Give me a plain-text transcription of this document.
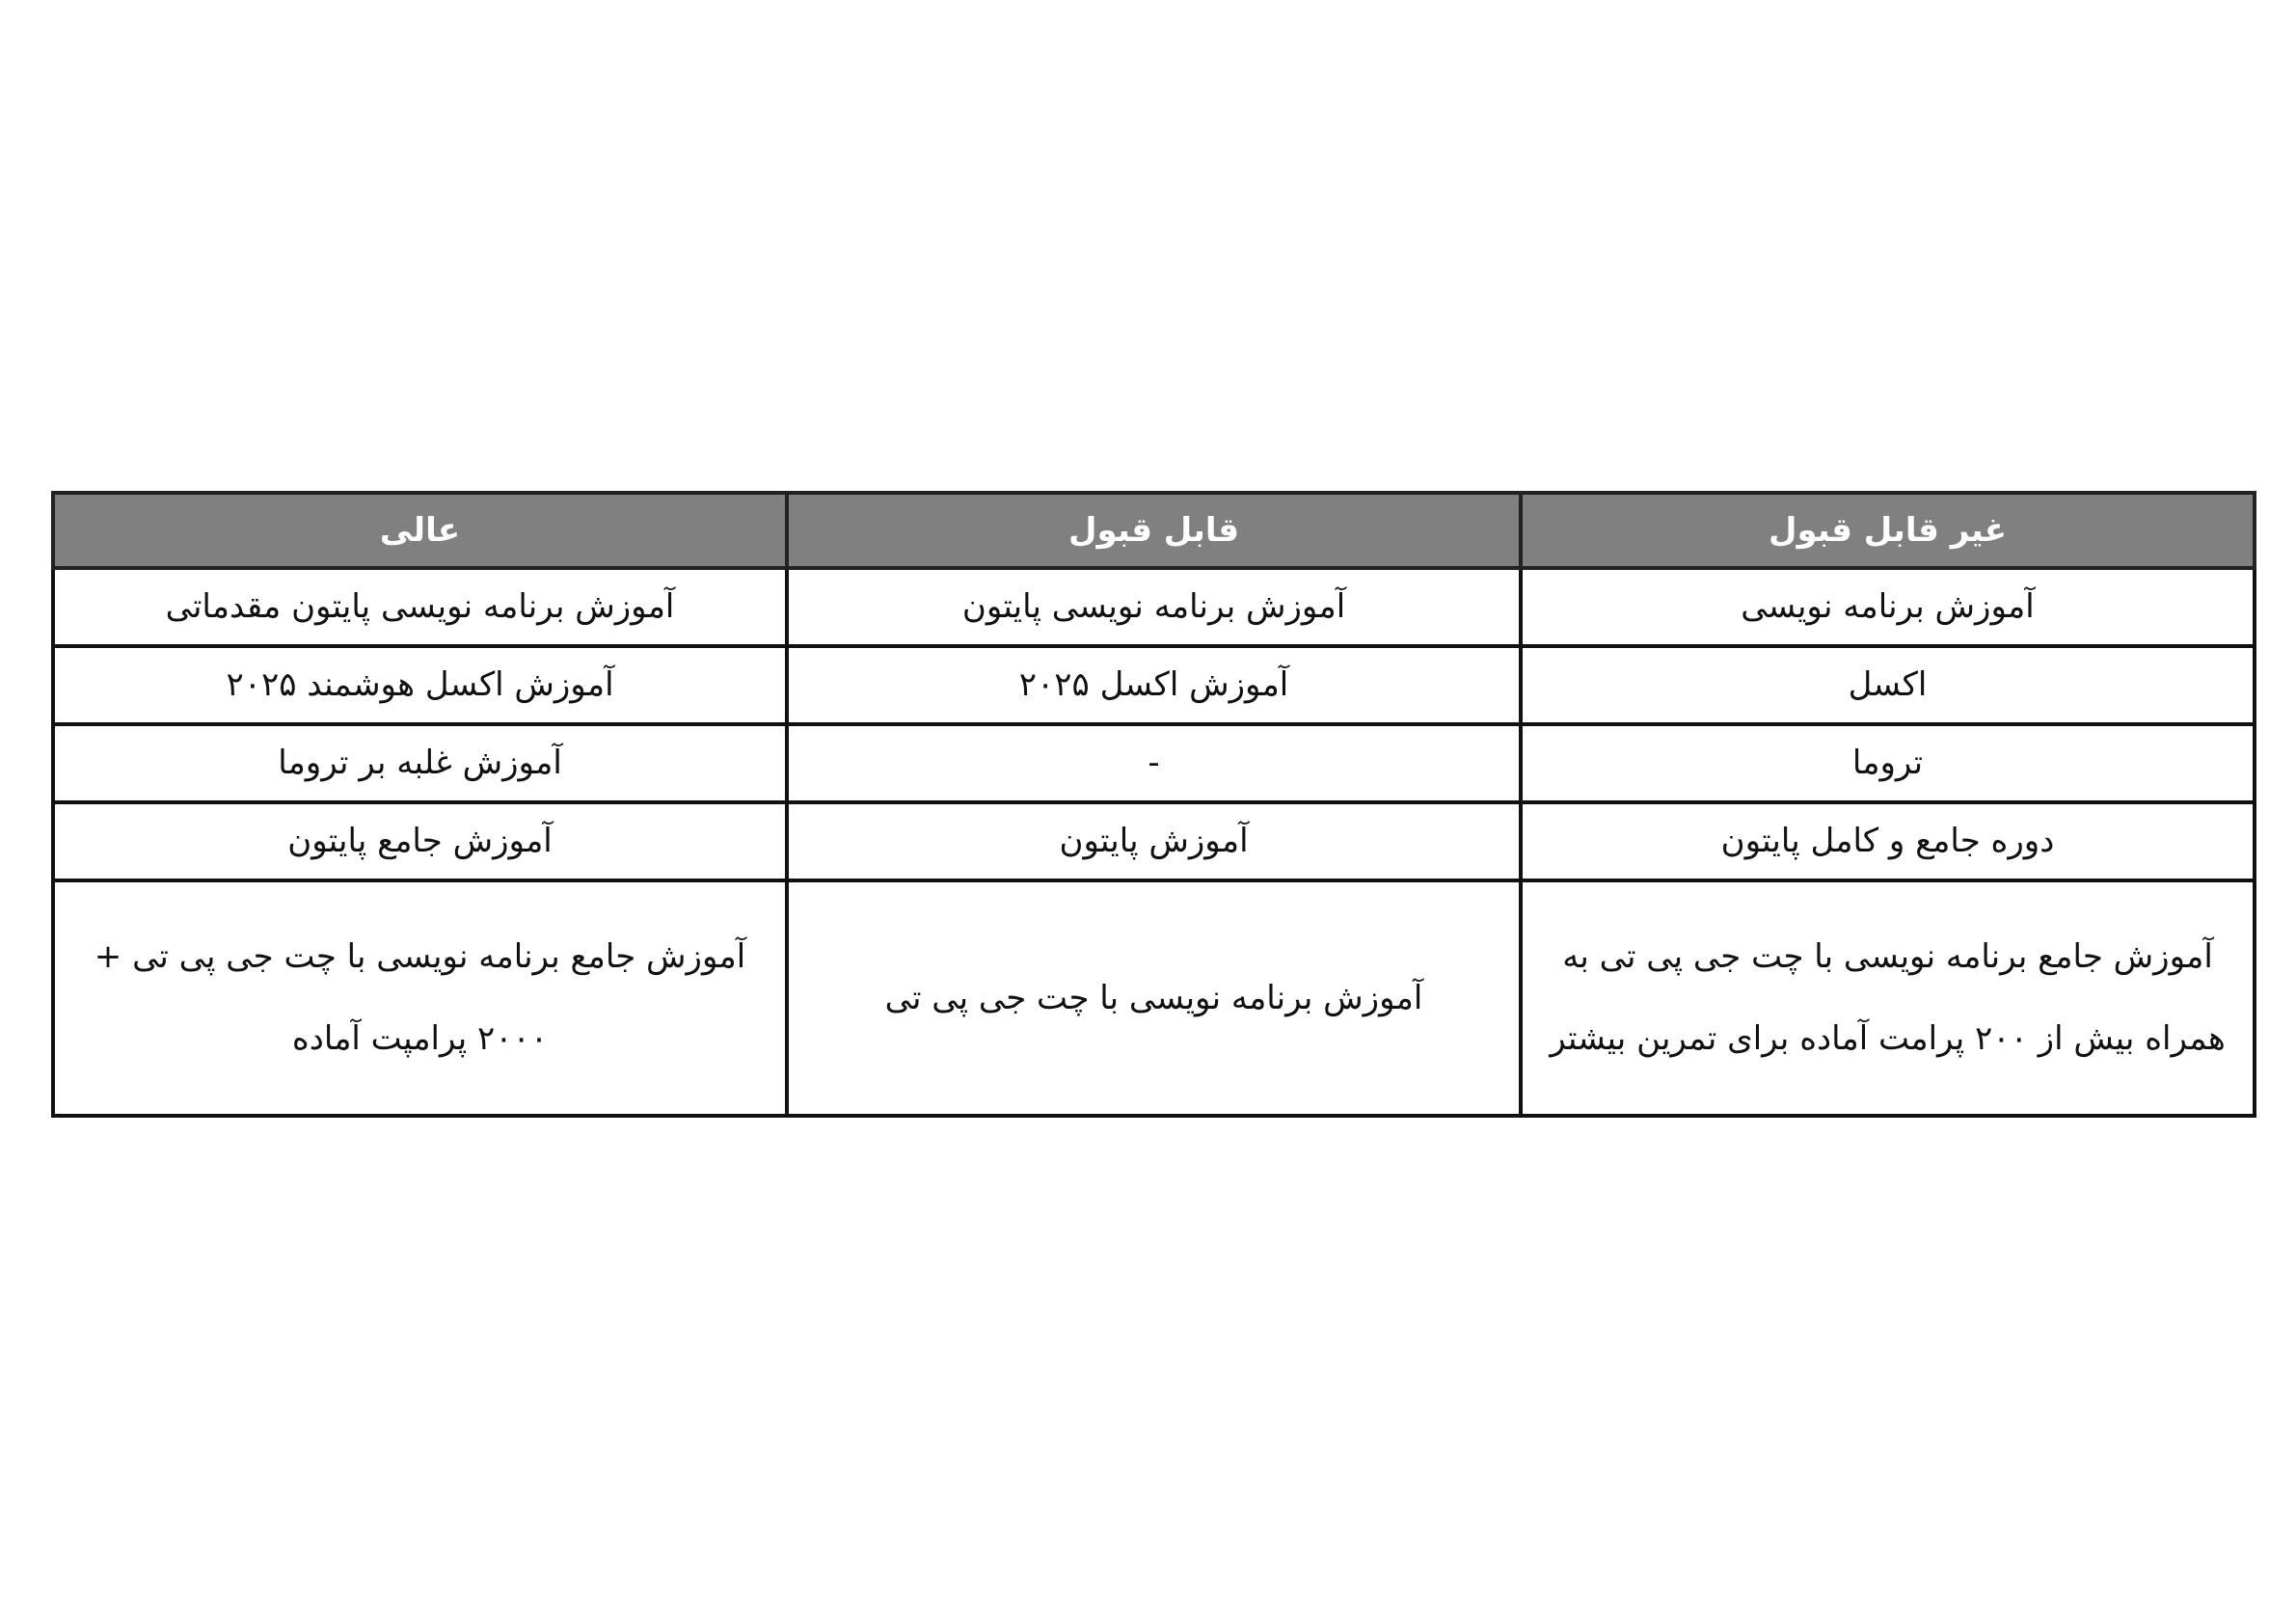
غیر قابل قبول	قابل قبول	عالی
آموزش برنامه نویسی	آموزش برنامه نویسی پایتون	آموزش برنامه نویسی پایتون مقدماتی
اکسل	آموزش اکسل ۲۰۲۵	آموزش اکسل هوشمند ۲۰۲۵
تروما	-	آموزش غلبه بر تروما
دوره جامع و کامل پایتون	آموزش پایتون	آموزش جامع پایتون
آموزش جامع برنامه نویسی با چت جی پی تی به همراه بیش از ۲۰۰ پرامت آماده برای تمرین بیشتر	آموزش برنامه نویسی با چت جی پی تی	آموزش جامع برنامه نویسی با چت جی پی تی + ۲۰۰۰ پرامپت آماده
